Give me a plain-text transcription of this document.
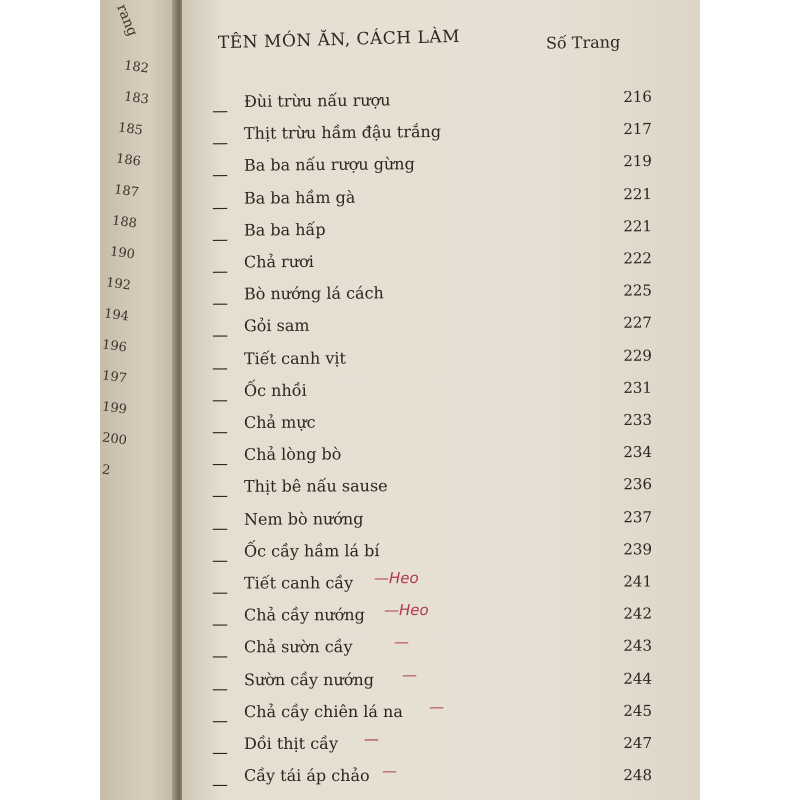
rang
182
183
185
186
187
188
190
192
194
196
197
199
200
2
TÊN MÓN ĂN, CÁCH LÀM	Số Trang
— Đùi trừu nấu rượu	216
— Thịt trừu hầm đậu trắng	217
— Ba ba nấu rượu gừng	219
— Ba ba hầm gà	221
— Ba ba hấp	221
— Chả rươi	222
— Bò nướng lá cách	225
— Gỏi sam	227
— Tiết canh vịt	229
— Ốc nhồi	231
— Chả mực	233
— Chả lòng bò	234
— Thịt bê nấu sause	236
— Nem bò nướng	237
— Ốc cầy hầm lá bí	239
— Tiết canh cầy —Heo	241
— Chả cầy nướng —Heo	242
— Chả sườn cầy	—	243
— Sườn cầy nướng —	244
— Chả cầy chiên lá na —	245
— Dồi thịt cầy —	247
— Cầy tái áp chảo —	248
